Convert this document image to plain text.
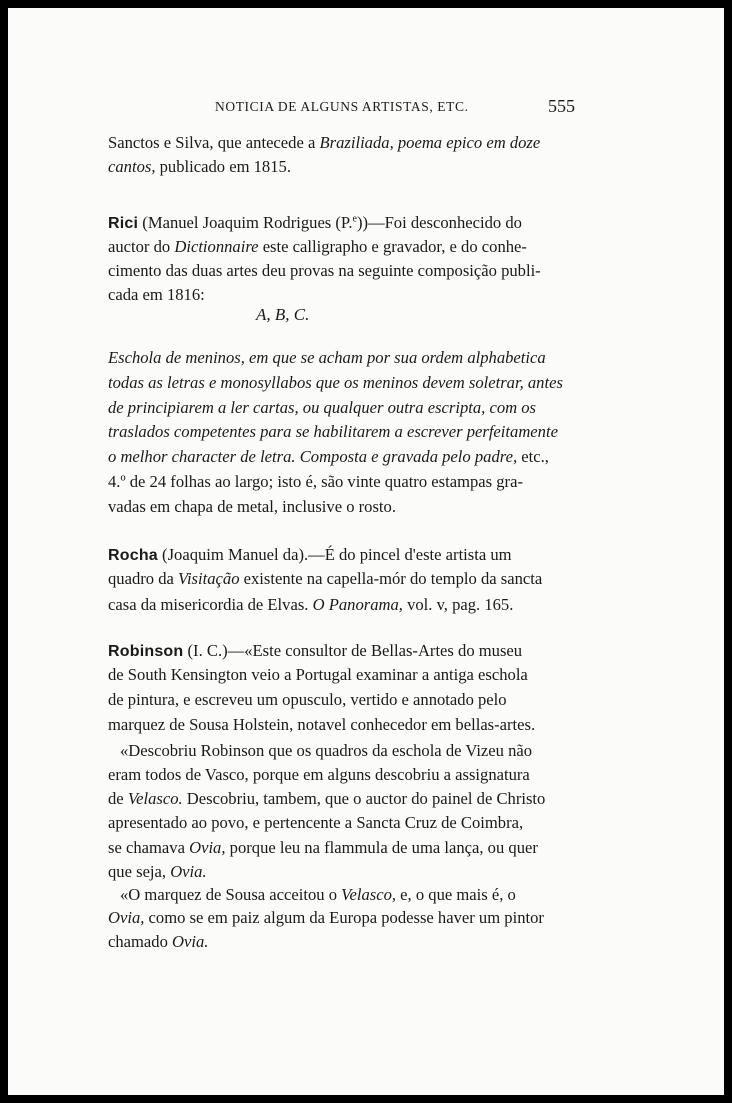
NOTICIA DE ALGUNS ARTISTAS, ETC.	555
Sanctos e Silva, que antecede a Braziliada, poema epico em doze
cantos, publicado em 1815.
Rici (Manuel Joaquim Rodrigues (P.$^e$))—Foi desconhecido do
auctor do Dictionnaire este calligrapho e gravador, e do conhe-
cimento das duas artes deu provas na seguinte composição publi-
cada em 1816:
A, B, C.
Eschola de meninos, em que se acham por sua ordem alphabetica
todas as letras e monosyllabos que os meninos devem soletrar, antes
de principiarem a ler cartas, ou qualquer outra escripta, com os
traslados competentes para se habilitarem a escrever perfeitamente
o melhor character de letra. Composta e gravada pelo padre, etc.,
4.º de 24 folhas ao largo; isto é, são vinte quatro estampas gra-
vadas em chapa de metal, inclusive o rosto.
Rocha (Joaquim Manuel da).—É do pincel d'este artista um
quadro da Visitação existente na capella-mór do templo da sancta
casa da misericordia de Elvas. O Panorama, vol. v, pag. 165.
Robinson (I. C.)—«Este consultor de Bellas-Artes do museu
de South Kensington veio a Portugal examinar a antiga eschola
de pintura, e escreveu um opusculo, vertido e annotado pelo
marquez de Sousa Holstein, notavel conhecedor em bellas-artes.
«Descobriu Robinson que os quadros da eschola de Vizeu não
eram todos de Vasco, porque em alguns descobriu a assignatura
de Velasco. Descobriu, tambem, que o auctor do painel de Christo
apresentado ao povo, e pertencente a Sancta Cruz de Coimbra,
se chamava Ovia, porque leu na flammula de uma lança, ou quer
que seja, Ovia.
«O marquez de Sousa acceitou o Velasco, e, o que mais é, o
Ovia, como se em paiz algum da Europa podesse haver um pintor
chamado Ovia.
